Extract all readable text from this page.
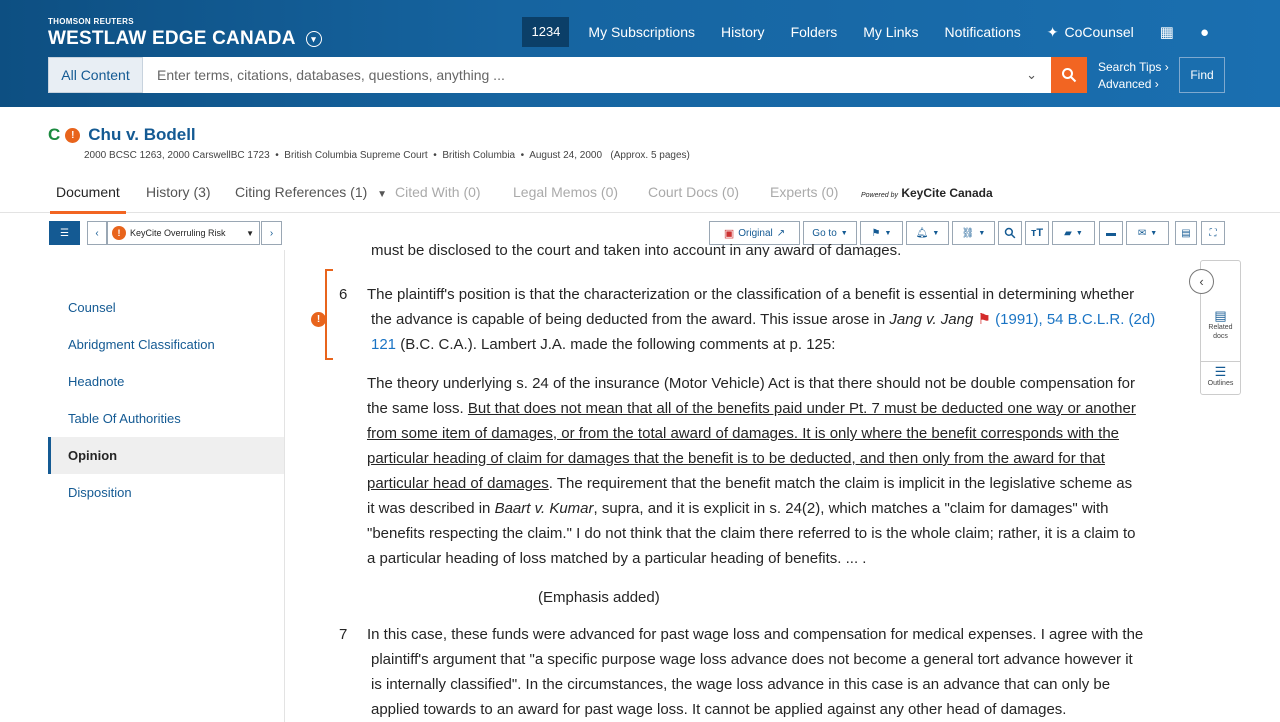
THOMSON REUTERS
WESTLAW EDGE CANADA	▾	1234	My Subscriptions	History	Folders	My Links	Notifications	✦ CoCounsel	▦	●
All Content	Enter terms, citations, databases, questions, anything ...	⌄	Search Tips ›
Advanced ›
Find
C	! Chu v. Bodell
2000 BCSC 1263, 2000 CarswellBC 1723  •  British Columbia Supreme Court  •  British Columbia  •  August 24, 2000 (Approx. 5 pages)
Document History (3) Citing References (1) ▼ Cited With (0) Legal Memos (0) Court Docs (0) Experts (0)	Powered by KeyCite Canada
☰	‹	!	KeyCite Overruling Risk	▼ ›	▣ Original ↗	Go to ▼ ⚑ ▼ 🔔︎ ▼ ⛓︎ ▼	тT ▰ ▼ ▬ ✉ ▼ ▤ ⛶
Counsel
Abridgment Classification
Headnote
Table Of Authorities
Opinion
Disposition
!
must be disclosed to the court and taken into account in any award of damages.
6 The plaintiff's position is that the characterization or the classification of a benefit is essential in determining whether
the advance is capable of being deducted from the award. This issue arose in Jang v. Jang ⚑ (1991), 54 B.C.L.R. (2d)
121 (B.C. C.A.). Lambert J.A. made the following comments at p. 125:
The theory underlying s. 24 of the insurance (Motor Vehicle) Act is that there should not be double compensation for
the same loss. But that does not mean that all of the benefits paid under Pt. 7 must be deducted one way or another
from some item of damages, or from the total award of damages. It is only where the benefit corresponds with the
particular heading of claim for damages that the benefit is to be deducted, and then only from the award for that
particular head of damages. The requirement that the benefit match the claim is implicit in the legislative scheme as
it was described in Baart v. Kumar, supra, and it is explicit in s. 24(2), which matches a "claim for damages" with
"benefits respecting the claim." I do not think that the claim there referred to is the whole claim; rather, it is a claim to
a particular heading of loss matched by a particular heading of benefits. ... .
(Emphasis added)
7 In this case, these funds were advanced for past wage loss and compensation for medical expenses. I agree with the
plaintiff's argument that "a specific purpose wage loss advance does not become a general tort advance however it
is internally classified". In the circumstances, the wage loss advance in this case is an advance that can only be
applied towards to an award for past wage loss. It cannot be applied against any other head of damages.
▤
Related docs
☰
Outlines
‹
